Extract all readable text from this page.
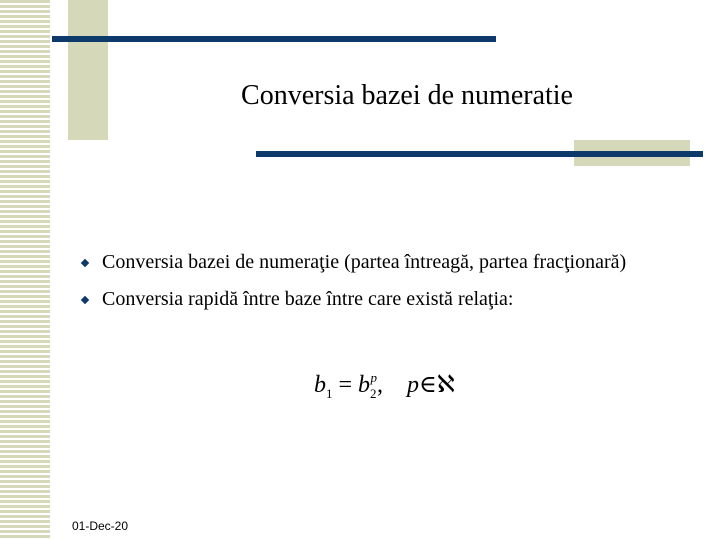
Conversia bazei de numeratie
Conversia bazei de numeraţie (partea întreagă, partea fracţionară)
Conversia rapidă între baze între care există relaţia:
$b_1 = b_2^p$, p∈ℵ
01-Dec-20
